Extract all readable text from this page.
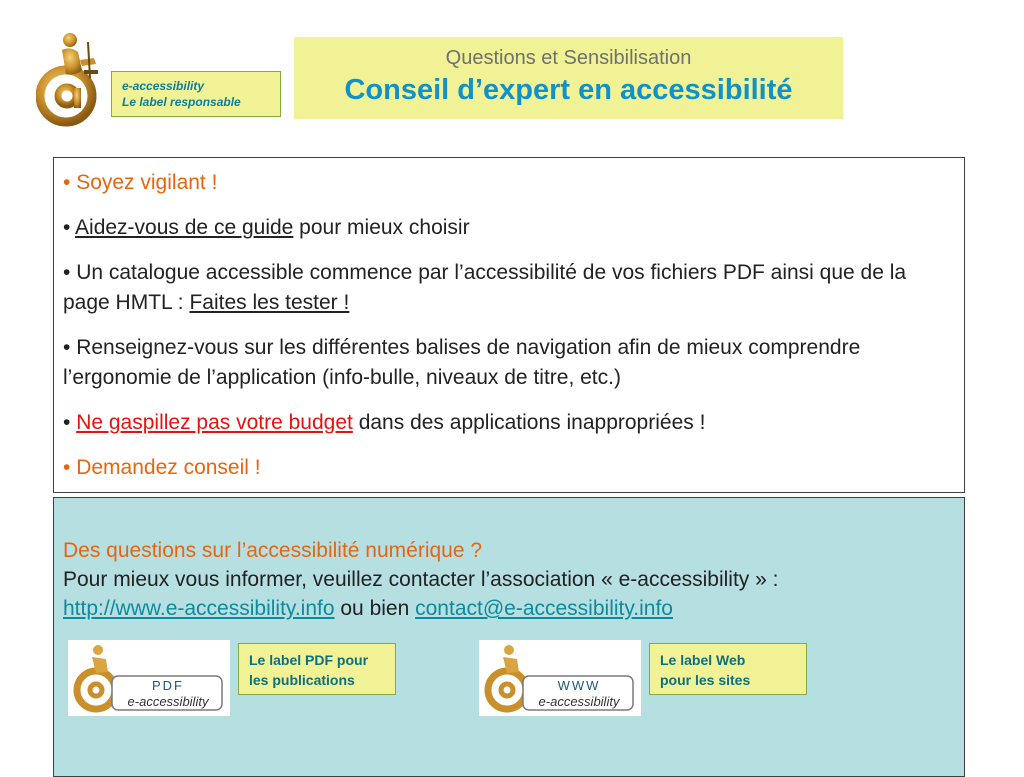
e-accessibility
Le label responsable
Questions et Sensibilisation
Conseil d’expert en accessibilité

• Soyez vigilant !

• Aidez-vous de ce guide pour mieux choisir

• Un catalogue accessible commence par l’accessibilité de vos fichiers PDF ainsi que de la page HMTL : Faites les tester !

• Renseignez-vous sur les différentes balises de navigation afin de mieux comprendre l’ergonomie de l’application (info-bulle, niveaux de titre, etc.)

• Ne gaspillez pas votre budget dans des applications inappropriées !

• Demandez conseil !

Des questions sur l’accessibilité numérique ?
Pour mieux vous informer, veuillez contacter l’association « e-accessibility » :
http://www.e-accessibility.info ou bien contact@e-accessibility.info
PDF
e-accessibility
Le label PDF pour
les publications	WWW
e-accessibility
Le label Web
pour les sites
